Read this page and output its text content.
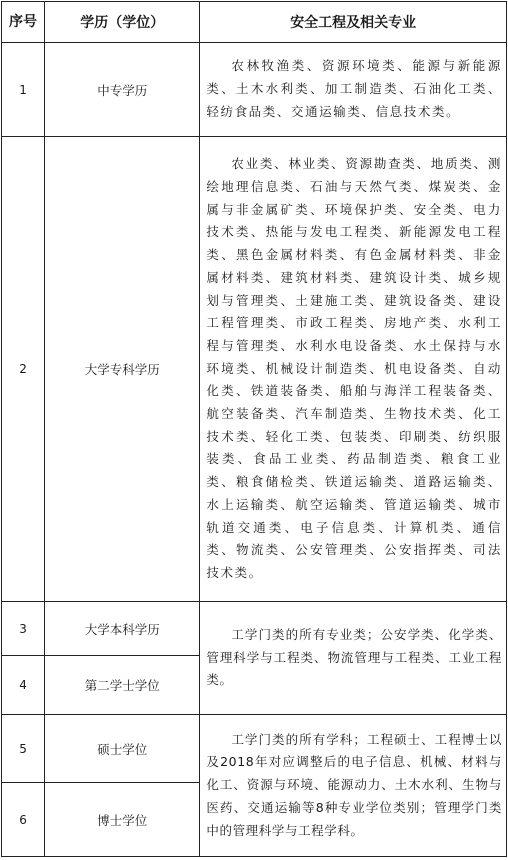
序号	学历（学位）	安全工程及相关专业
1	中专学历	农林牧渔类、资源环境类、能源与新能源类、土木水利类、加工制造类、石油化工类、轻纺食品类、交通运输类、信息技术类。

2	大学专科学历	农业类、林业类、资源勘查类、地质类、测绘地理信息类、石油与天然气类、煤炭类、金属与非金属矿类、环境保护类、安全类、电力技术类、热能与发电工程类、新能源发电工程类、黑色金属材料类、有色金属材料类、非金属材料类、建筑材料类、建筑设计类、城乡规划与管理类、土建施工类、建筑设备类、建设工程管理类、市政工程类、房地产类、水利工程与管理类、水利水电设备类、水土保持与水环境类、机械设计制造类、机电设备类、自动化类、铁道装备类、船舶与海洋工程装备类、航空装备类、汽车制造类、生物技术类、化工技术类、轻化工类、包装类、印刷类、纺织服装类、食品工业类、药品制造类、粮食工业类、粮食储检类、铁道运输类、道路运输类、水上运输类、航空运输类、管道运输类、城市轨道交通类、电子信息类、计算机类、通信类、物流类、公安管理类、公安指挥类、司法技术类。

3	大学本科学历	工学门类的所有专业类；公安学类、化学类、管理科学与工程类、物流管理与工程类、工业工程类。

4	第二学士学位	
5	硕士学位	工学门类的所有学科；工程硕士、工程博士以及2018年对应调整后的电子信息、机械、材料与化工、资源与环境、能源动力、土木水利、生物与医药、交通运输等8种专业学位类别；管理学门类中的管理科学与工程学科。

6	博士学位	
